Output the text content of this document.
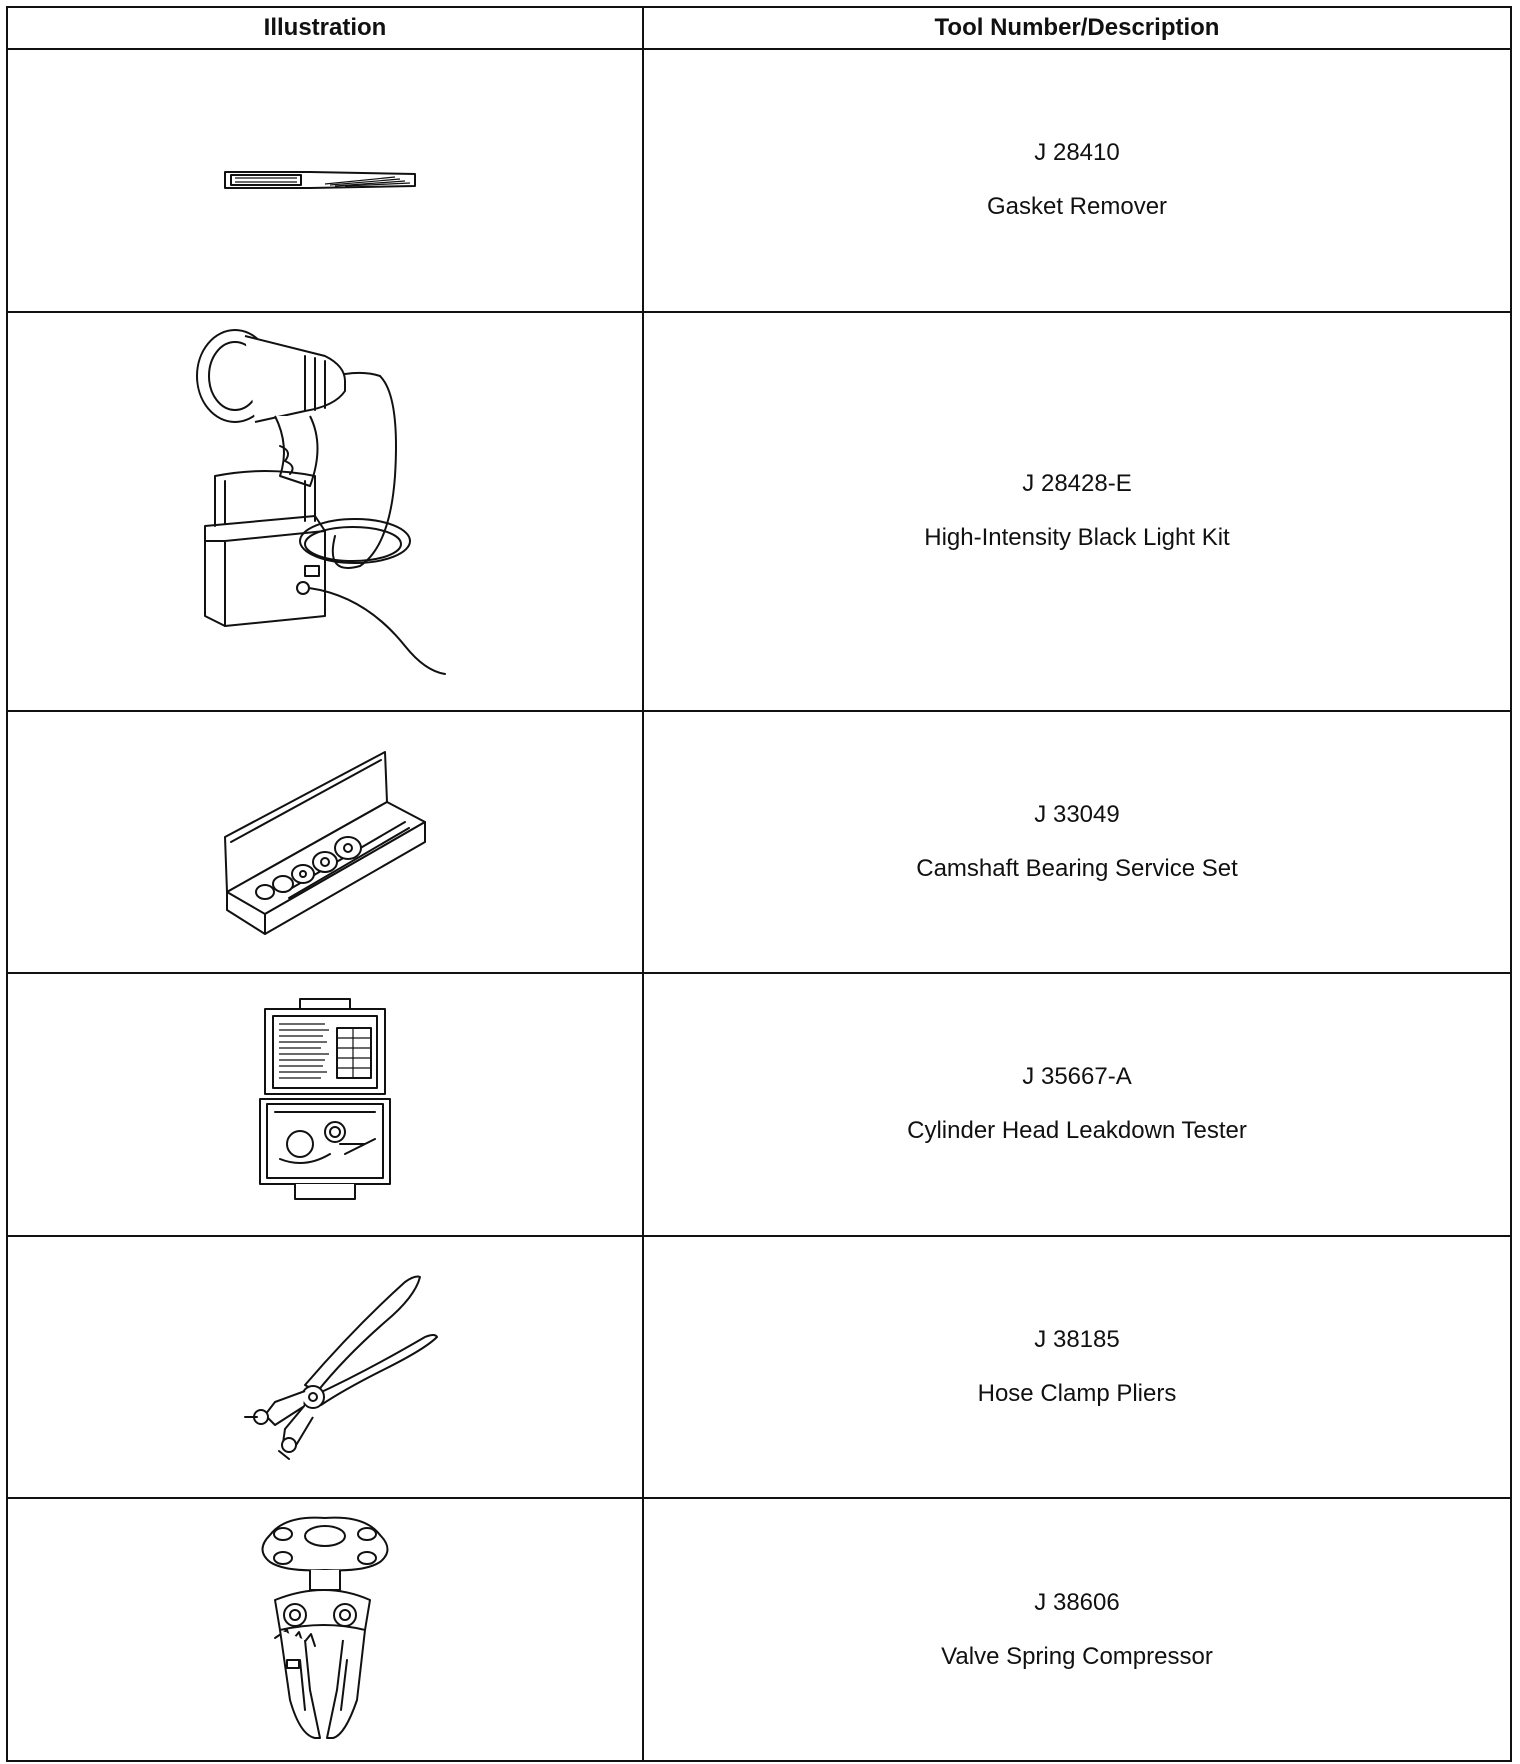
Illustration	Tool Number/Description

J 28410
Gasket Remover

J 28428-E
High-Intensity Black Light Kit

J 33049
Camshaft Bearing Service Set

J 35667-A
Cylinder Head Leakdown Tester

J 38185
Hose Clamp Pliers

J 38606
Valve Spring Compressor
